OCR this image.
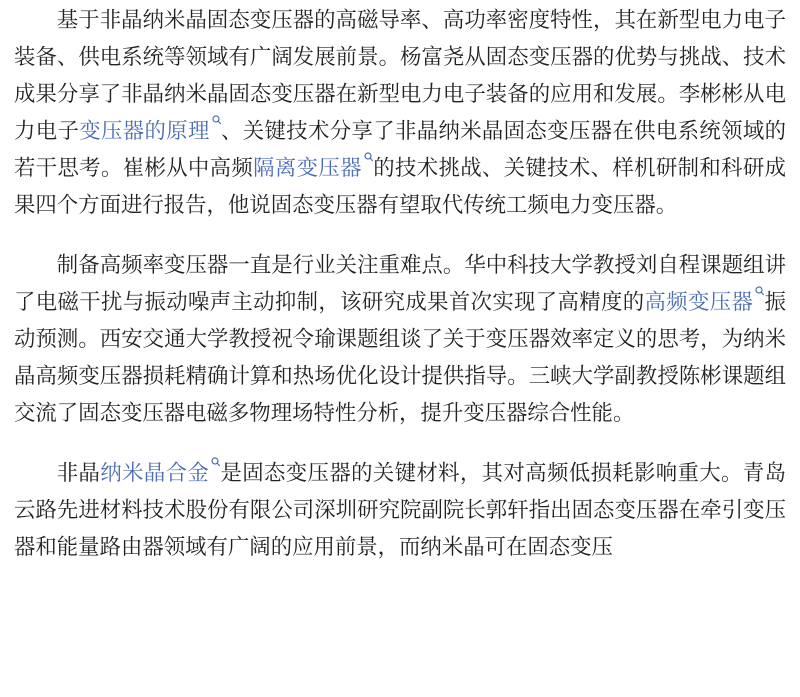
基于非晶纳米晶固态变压器的高磁导率、高功率密度特性，其在新型电力电子装备、供电系统等领域有广阔发展前景。杨富尧从固态变压器的优势与挑战、技术成果分享了非晶纳米晶固态变压器在新型电力电子装备的应用和发展。李彬彬从电力电子变压器的原理 、关键技术分享了非晶纳米晶固态变压器在供电系统领域的若干思考。崔彬从中高频隔离变压器 的技术挑战、关键技术、样机研制和科研成果四个方面进行报告，他说固态变压器有望取代传统工频电力变压器。

制备高频率变压器一直是行业关注重难点。华中科技大学教授刘自程课题组讲了电磁干扰与振动噪声主动抑制，该研究成果首次实现了高精度的高频变压器 振动预测。西安交通大学教授祝令瑜课题组谈了关于变压器效率定义的思考，为纳米晶高频变压器损耗精确计算和热场优化设计提供指导。三峡大学副教授陈彬课题组交流了固态变压器电磁多物理场特性分析，提升变压器综合性能。

非晶纳米晶合金 是固态变压器的关键材料，其对高频低损耗影响重大。青岛云路先进材料技术股份有限公司深圳研究院副院长郭轩指出固态变压器在牵引变压器和能量路由器领域有广阔的应用前景，而纳米晶可在固态变压
